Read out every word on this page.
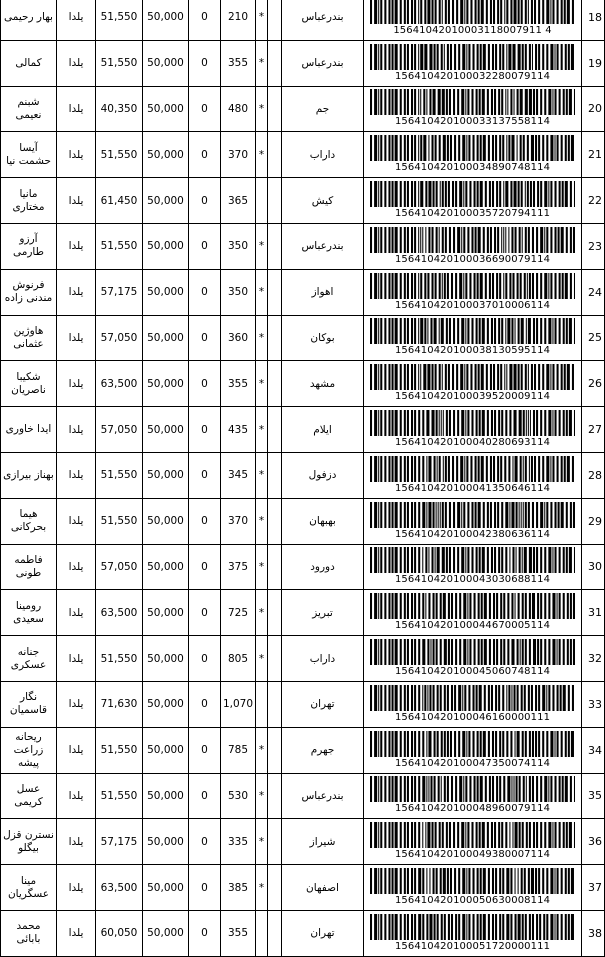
بهار رحیمی	یلدا	51,550	50,000	0	210	*		بندرعباس	15641042010003118007911 4	18
کمالی	یلدا	51,550	50,000	0	355	*		بندرعباس	156410420100032280079114	19
شبنم نعیمی	یلدا	40,350	50,000	0	480	*		جم	156410420100033137558114	20
آیسا حشمت نیا	یلدا	51,550	50,000	0	370	*		داراب	156410420100034890748114	21
مانیا مختاری	یلدا	61,450	50,000	0	365			کیش	156410420100035720794111	22
آرزو طارمی	یلدا	51,550	50,000	0	350	*		بندرعباس	156410420100036690079114	23
فرنوش مندنی زاده	یلدا	57,175	50,000	0	350	*		اهواز	156410420100037010006114	24
هاوژین عثمانی	یلدا	57,050	50,000	0	360	*		بوکان	156410420100038130595114	25
شکیبا ناصریان	یلدا	63,500	50,000	0	355	*		مشهد	156410420100039520009114	26
ایدا خاوری	یلدا	57,050	50,000	0	435	*		ایلام	156410420100040280693114	27
بهناز بیرازی	یلدا	51,550	50,000	0	345	*		دزفول	156410420100041350646114	28
هیما بحرکانی	یلدا	51,550	50,000	0	370	*		بهبهان	156410420100042380636114	29
فاطمه طونی	یلدا	57,050	50,000	0	375	*		دورود	156410420100043030688114	30
رومینا سعیدی	یلدا	63,500	50,000	0	725	*		تبریز	156410420100044670005114	31
جنانه عسکری	یلدا	51,550	50,000	0	805	*		داراب	156410420100045060748114	32
نگار قاسمیان	یلدا	71,630	50,000	0	1,070			تهران	156410420100046160000111	33
ریحانه زراعت پیشه	یلدا	51,550	50,000	0	785	*		جهرم	156410420100047350074114	34
عسل کریمی	یلدا	51,550	50,000	0	530	*		بندرعباس	156410420100048960079114	35
نسترن قزل بیگلو	یلدا	57,175	50,000	0	335	*		شیراز	156410420100049380007114	36
مینا عسگریان	یلدا	63,500	50,000	0	385	*		اصفهان	156410420100050630008114	37
محمد بابائی	یلدا	60,050	50,000	0	355			تهران	156410420100051720000111	38
